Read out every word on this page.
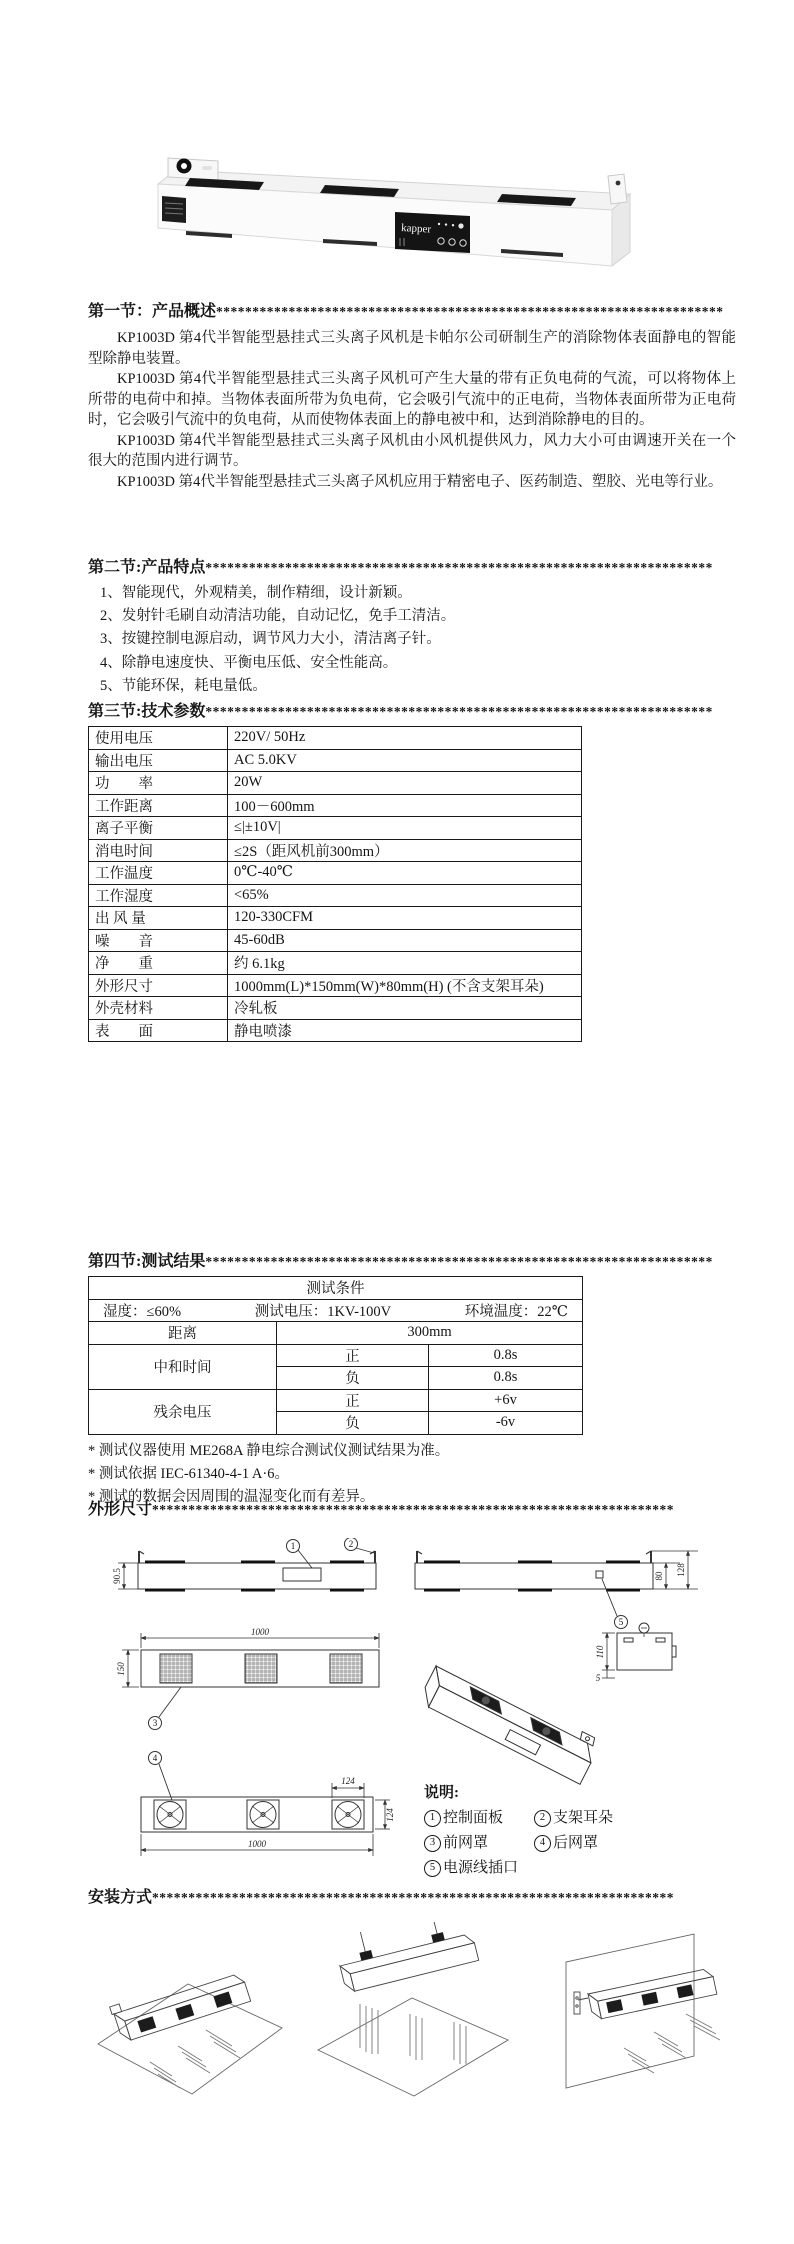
kapper
第一节：产品概述**********************************************************************

KP1003D 第4代半智能型悬挂式三头离子风机是卡帕尔公司研制生产的消除物体表面静电的智能型除静电装置。

KP1003D 第4代半智能型悬挂式三头离子风机可产生大量的带有正负电荷的气流，可以将物体上所带的电荷中和掉。当物体表面所带为负电荷，它会吸引气流中的正电荷，当物体表面所带为正电荷时，它会吸引气流中的负电荷，从而使物体表面上的静电被中和，达到消除静电的目的。

KP1003D 第4代半智能型悬挂式三头离子风机由小风机提供风力，风力大小可由调速开关在一个很大的范围内进行调节。

KP1003D 第4代半智能型悬挂式三头离子风机应用于精密电子、医药制造、塑胶、光电等行业。

第二节:产品特点**********************************************************************
1、智能现代，外观精美，制作精细，设计新颖。
2、发射针毛刷自动清洁功能，自动记忆，免手工清洁。
3、按键控制电源启动，调节风力大小，清洁离子针。
4、除静电速度快、平衡电压低、安全性能高。
5、节能环保，耗电量低。
第三节:技术参数**********************************************************************
使用电压	220V/ 50Hz
输出电压	AC 5.0KV
功　　率	20W
工作距离	100－600mm
离子平衡	≤|±10V|
消电时间	≤2S（距风机前300mm）
工作温度	0℃-40℃
工作湿度	<65%
出 风 量	120-330CFM
噪　　音	45-60dB
净　　重	约 6.1kg
外形尺寸	1000mm(L)*150mm(W)*80mm(H) (不含支架耳朵)
外壳材料	冷轧板
表　　面	静电喷漆
第四节:测试结果**********************************************************************
测试条件		

湿度：≤60% 测试电压：1KV-100V 环境温度：22℃		

距离	300mm	
中和时间	正	0.8s
	负	0.8s
残余电压	正	+6v
	负	-6v
* 测试仪器使用 ME268A 静电综合测试仪测试结果为准。
* 测试依据 IEC-61340-4-1 A·6。
* 测试的数据会因周围的温湿变化而有差异。
外形尺寸************************************************************************
90.5
1	2
5
80 128
1000
150
110
5
3
4
124
124
1000
说明:
1 控制面板	2 支架耳朵
3 前网罩	4 后网罩
5 电源线插口
安装方式************************************************************************
